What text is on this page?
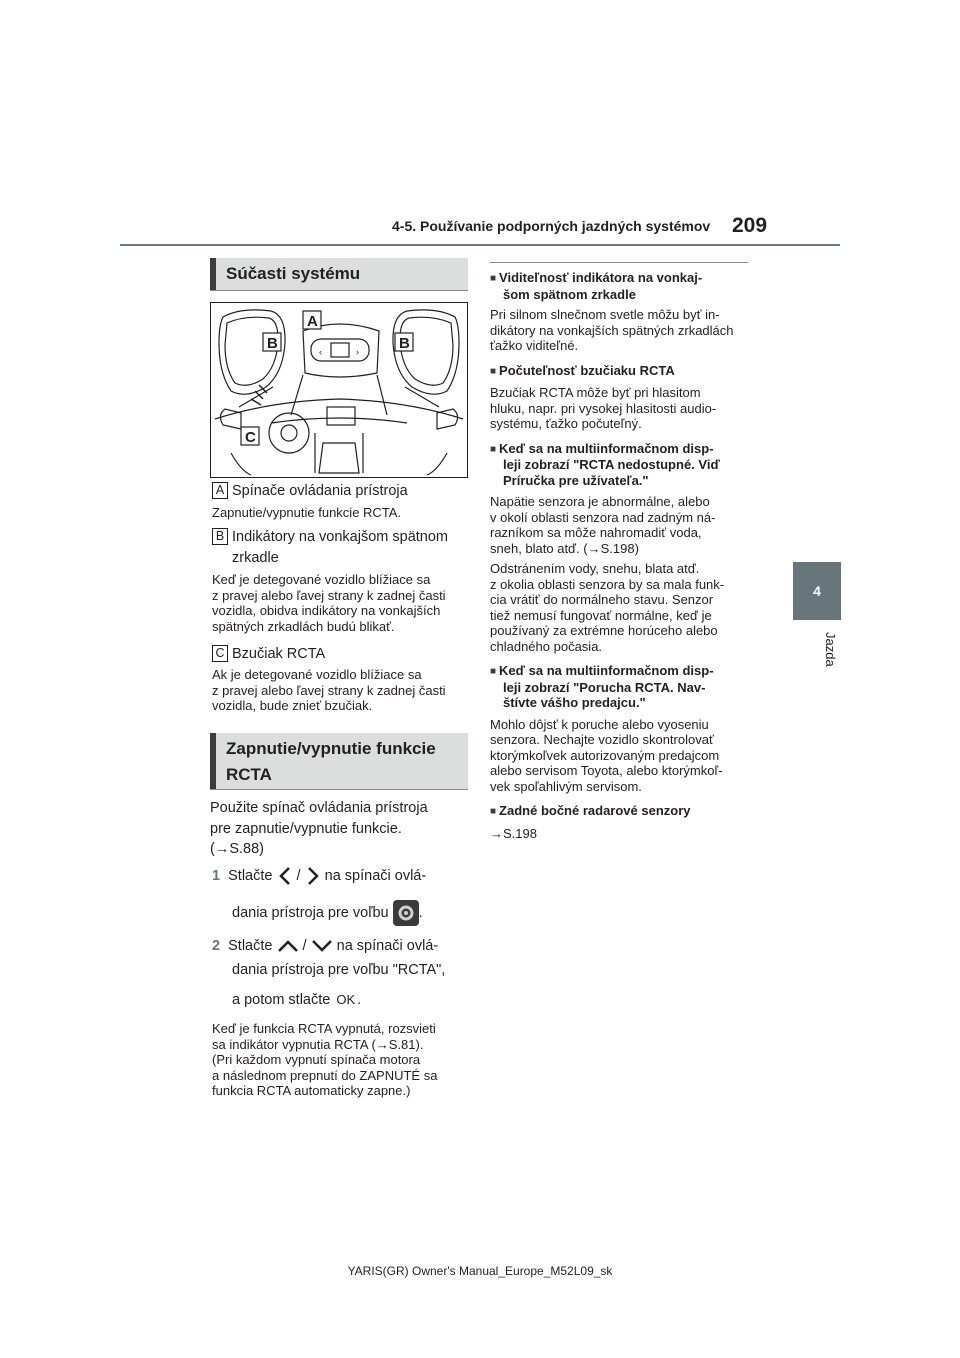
4-5. Používanie podporných jazdných systémov 209
4
Jazda
Súčasti systému
‹	›
A
B	B
C
A Spínače ovládania prístroja
Zapnutie/vypnutie funkcie RCTA.
B Indikátory na vonkajšom spätnom
zrkadle
Keď je detegované vozidlo blížiace sa
z pravej alebo ľavej strany k zadnej časti
vozidla, obidva indikátory na vonkajších
spätných zrkadlách budú blikať.
C Bzučiak RCTA
Ak je detegované vozidlo blížiace sa
z pravej alebo ľavej strany k zadnej časti
vozidla, bude znieť bzučiak.
Zapnutie/vypnutie funkcie
RCTA
Použite spínač ovládania prístroja
pre zapnutie/vypnutie funkcie.
(→S.88)
1 Stlačte / na spínači ovlá-
dania prístroja pre voľbu .
2 Stlačte / na spínači ovlá-
dania prístroja pre voľbu "RCTA",
a potom stlačte OK .
Keď je funkcia RCTA vypnutá, rozsvieti
sa indikátor vypnutia RCTA (→S.81).
(Pri každom vypnutí spínača motora
a následnom prepnutí do ZAPNUTÉ sa
funkcia RCTA automaticky zapne.)
■ Viditeľnosť indikátora na vonkaj-
šom spätnom zrkadle
Pri silnom slnečnom svetle môžu byť in-
dikátory na vonkajších spätných zrkadlách
ťažko viditeľné.
■ Počuteľnosť bzučiaku RCTA
Bzučiak RCTA môže byť pri hlasitom
hluku, napr. pri vysokej hlasitosti audio-
systému, ťažko počuteľný.
■ Keď sa na multiinformačnom disp-
leji zobrazí "RCTA nedostupné. Viď
Príručka pre užívateľa."
Napätie senzora je abnormálne, alebo
v okolí oblasti senzora nad zadným ná-
razníkom sa môže nahromadiť voda,
sneh, blato atď. (→S.198)
Odstránením vody, snehu, blata atď.
z okolia oblasti senzora by sa mala funk-
cia vrátiť do normálneho stavu. Senzor
tiež nemusí fungovať normálne, keď je
používaný za extrémne horúceho alebo
chladného počasia.
■ Keď sa na multiinformačnom disp-
leji zobrazí "Porucha RCTA. Nav-
štívte vášho predajcu."
Mohlo dôjsť k poruche alebo vyoseniu
senzora. Nechajte vozidlo skontrolovať
ktorýmkoľvek autorizovaným predajcom
alebo servisom Toyota, alebo ktorýmkoľ-
vek spoľahlivým servisom.
■ Zadné bočné radarové senzory
→S.198
YARIS(GR) Owner's Manual_Europe_M52L09_sk
